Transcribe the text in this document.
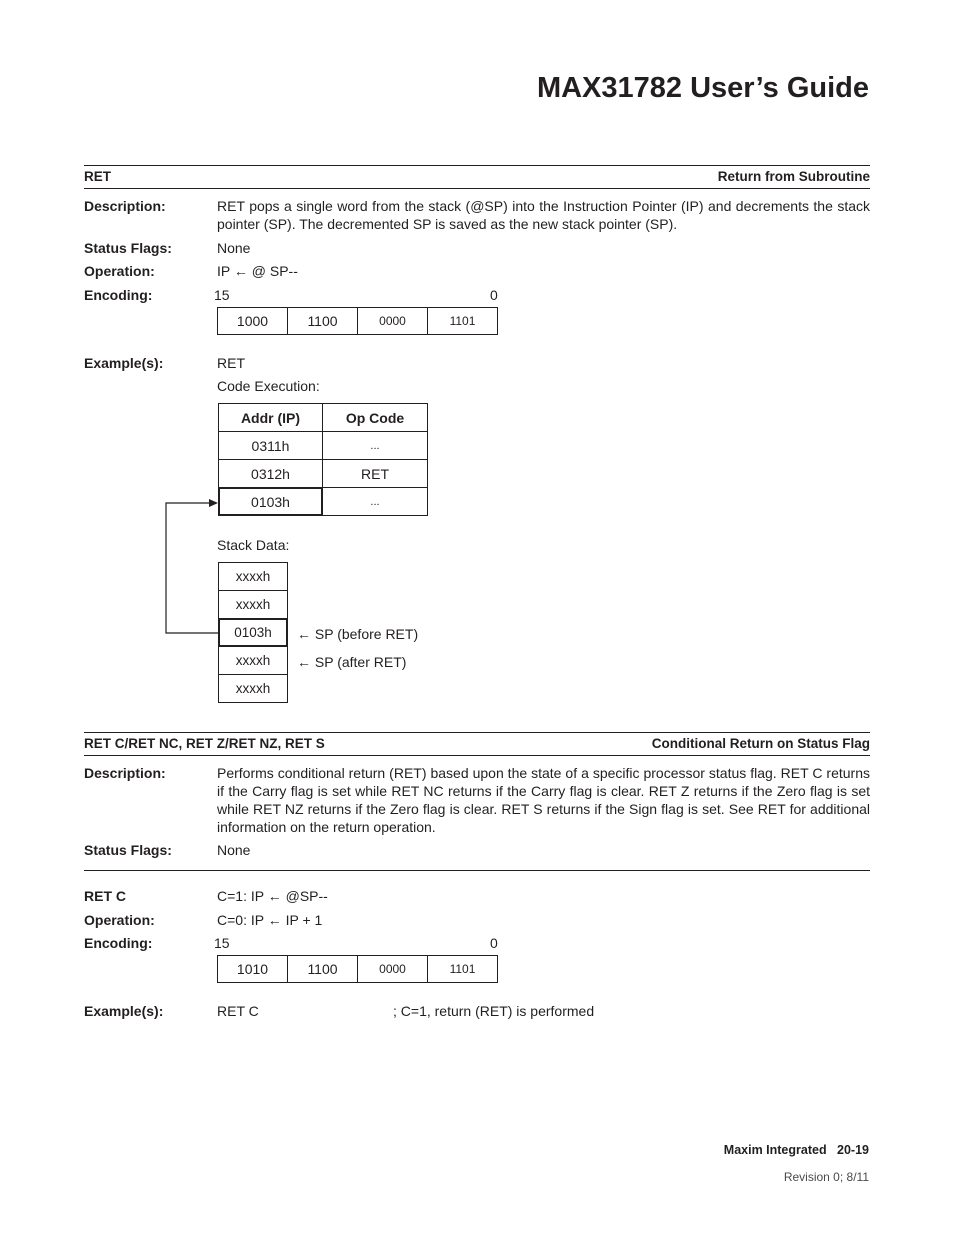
MAX31782 User’s Guide
RET	Return from Subroutine
Description:	RET pops a single word from the stack (@SP) into the Instruction Pointer (IP) and decrements the stack pointer (SP). The decremented SP is saved as the new stack pointer (SP).
Status Flags:	None
Operation:	IP ← @ SP--
Encoding:	15	0
1000	1100	0000	1101
Example(s):	RET
Code Execution:
Addr (IP)	Op Code
0311h	...
0312h	RET
0103h	...
Stack Data:
xxxxh
xxxxh
0103h
xxxxh
xxxxh
← SP (before RET)
← SP (after RET)
RET C/RET NC, RET Z/RET NZ, RET S	Conditional Return on Status Flag
Description:	Performs conditional return (RET) based upon the state of a specific processor status flag. RET C returns if the Carry flag is set while RET NC returns if the Carry flag is clear. RET Z returns if the Zero flag is set while RET NZ returns if the Zero flag is clear. RET S returns if the Sign flag is set. See RET for additional information on the return operation.
Status Flags:	None
RET C	C=1: IP ← @SP--
Operation:	C=0: IP ← IP + 1
Encoding:	15	0
1010	1100	0000	1101
Example(s):	RET C	; C=1, return (RET) is performed
Maxim Integrated 20-19
Revision 0; 8/11
